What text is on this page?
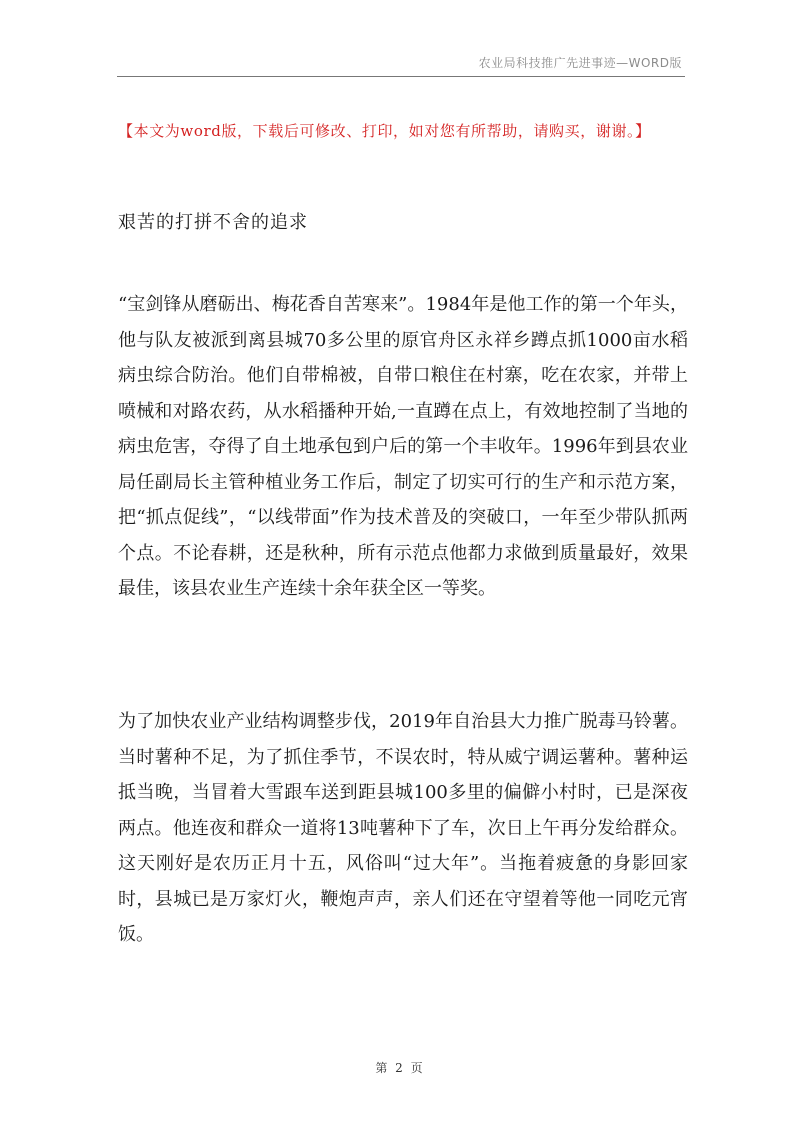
农业局科技推广先进事迹—WORD版
【本文为word版，下载后可修改、打印，如对您有所帮助，请购买，谢谢。】
艰苦的打拼不舍的追求

“宝剑锋从磨砺出、梅花香自苦寒来”。1984年是他工作的第一个年头，他与队友被派到离县城70多公里的原官舟区永祥乡蹲点抓1000亩水稻病虫综合防治。他们自带棉被，自带口粮住在村寨，吃在农家，并带上喷械和对路农药，从水稻播种开始,一直蹲在点上，有效地控制了当地的病虫危害，夺得了自土地承包到户后的第一个丰收年。1996年到县农业局任副局长主管种植业务工作后，制定了切实可行的生产和示范方案，把“抓点促线”，“以线带面”作为技术普及的突破口，一年至少带队抓两个点。不论春耕，还是秋种，所有示范点他都力求做到质量最好，效果最佳，该县农业生产连续十余年获全区一等奖。

为了加快农业产业结构调整步伐，2019年自治县大力推广脱毒马铃薯。当时薯种不足，为了抓住季节，不误农时，特从威宁调运薯种。薯种运抵当晚，当冒着大雪跟车送到距县城100多里的偏僻小村时，已是深夜两点。他连夜和群众一道将13吨薯种下了车，次日上午再分发给群众。这天刚好是农历正月十五，风俗叫“过大年”。当拖着疲惫的身影回家时，县城已是万家灯火，鞭炮声声，亲人们还在守望着等他一同吃元宵饭。

第 2 页
